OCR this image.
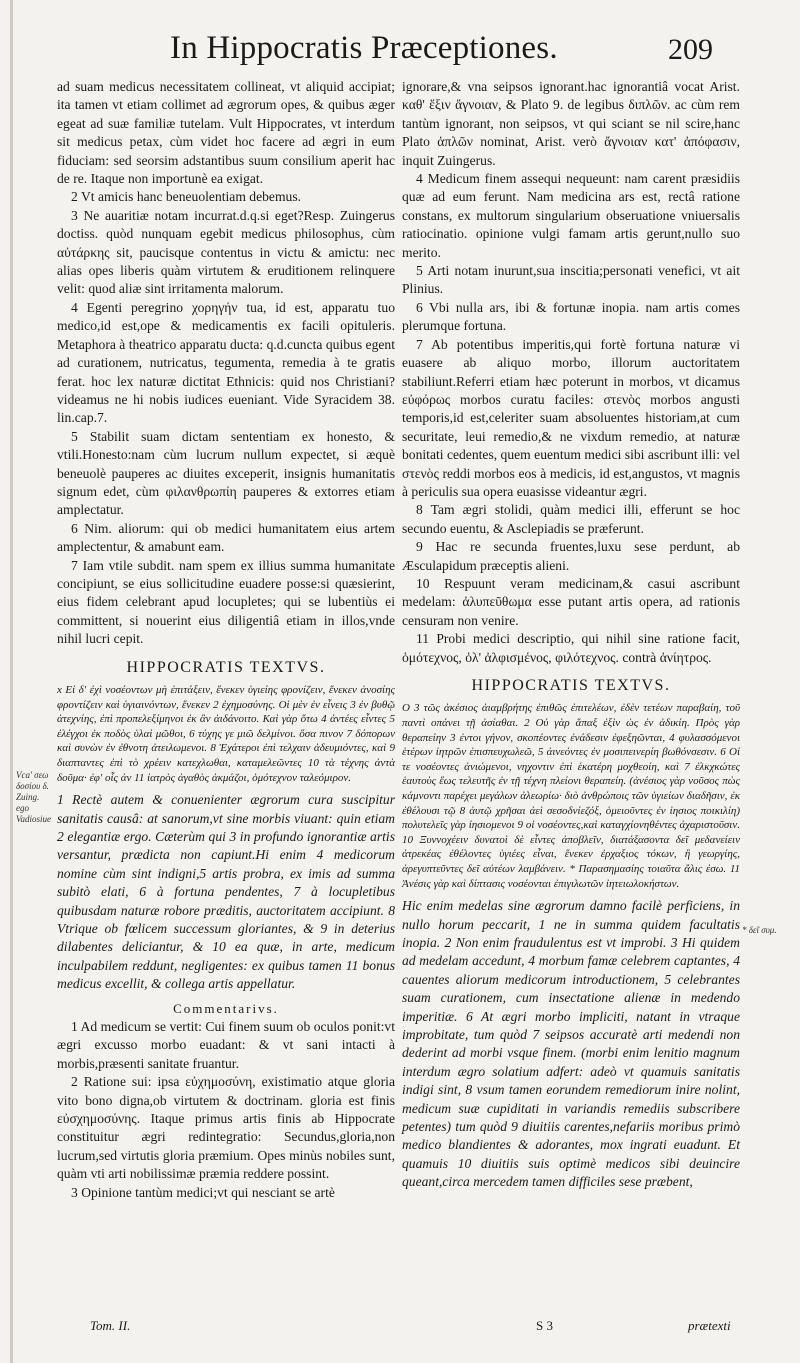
In Hippocratis Præceptiones.	209

ad suam medicus necessitatem collineat, vt aliquid accipiat; ita tamen vt etiam collimet ad ægrorum opes, & quibus æger egeat ad suæ familiæ tutelam. Vult Hippocrates, vt interdum sit medicus petax, cùm videt hoc facere ad ægri in eum fiduciam: sed seorsim adstantibus suum consilium aperit hac de re. Itaque non importunè ea exigat.

2 Vt amicis hanc beneuolentiam debemus.

3 Ne auaritiæ notam incurrat.d.q.si eget?Resp. Zuingerus doctiss. quòd nunquam egebit medicus philosophus, cùm αὐτάρκης sit, paucisque contentus in victu & amictu: nec alias opes liberis quàm virtutem & eruditionem relinquere velit: quod aliæ sint irritamenta malorum.

4 Egenti peregrino χορηγήν tua, id est, apparatu tuo medico,id est,ope & medicamentis ex facili opituleris. Metaphora à theatrico apparatu ducta: q.d.cuncta quibus egent ad curationem, nutricatus, tegumenta, remedia à te gratis ferat. hoc lex naturæ dictitat Ethnicis: quid nos Christiani? videamus ne hi nobis iudices eueniant. Vide Syracidem 38. lin.cap.7.

5 Stabilit suam dictam sententiam ex honesto, & vtili.Honesto:nam cùm lucrum nullum expectet, si æquè beneuolè pauperes ac diuites exceperit, insignis humanitatis signum edet, cùm φιλανθρωπίη pauperes & extorres etiam amplectatur.

6 Nim. aliorum: qui ob medici humanitatem eius artem amplectentur, & amabunt eam.

7 Iam vtile subdit. nam spem ex illius summa humanitate concipiunt, se eius sollicitudine euadere posse:si quæsierint, eius fidem celebrant apud locupletes; qui se lubentiùs ei committent, si nouerint eius diligentiâ etiam in illos,vnde nihil lucri cepit.

HIPPOCRATIS TEXTVS.

x Εἰ δ' ἐχὶ νοσέοντων μὴ ἐπιτάξειν, ἕνεκεν ὑγιείης φρονίζειν, ἕνεκεν ἀνοσίης φροντίζειν καὶ ὑγιαινόντων, ἕνεκεν 2 ἐχημοσύνης. Οἱ μὲν ἐν εἶνεις 3 ἐν βυθῷ ἀτεχνίης, ἐπὶ προπελεξίμηνοι ἐκ ἂν ἀιδάνοιτο. Καὶ γὰρ ὅτω 4 ἀντέες εἶντες 5 ἐλέγχοι ἐκ ποδὸς ὑλαὶ μῶθοι, 6 τύχης γε μιῶ δελμίνοι. ὅσα πινον 7 δόπορων καὶ συνὼν ἐν ἐθνοτη ἀτειλωμενοι. 8 Ἐχάτεροι ἐπὶ τελχαιν ἀδευμιόντες, καὶ 9 διαπταντες ἐπὶ τὸ χρέειν κατεχλωθαι, καταμελεῶντες 10 τὰ τέχνης ἀντὰ δοῦμα· ἐφ' οἷς ἀν 11 ἰατρὸς ἀγαθὸς ἀκμάζοι, ὁμότεχνον ταλεόμιρον.

1 Rectè autem & conuenienter ægrorum cura suscipitur sanitatis causâ: at sanorum,vt sine morbis viuant: quin etiam 2 elegantiæ ergo. Cæterùm qui 3 in profundo ignorantiæ artis versantur, prædicta non capiunt.Hi enim 4 medicorum nomine cùm sint indigni,5 artis probra, ex imis ad summa subitò elati, 6 à fortuna pendentes, 7 à locupletibus quibusdam naturæ robore præditis, auctoritatem accipiunt. 8 Vtrique ob fœlicem successum gloriantes, & 9 in deterius dilabentes deliciantur, & 10 ea quæ, in arte, medicum inculpabilem reddunt, negligentes: ex quibus tamen 11 bonus medicus excellit, & collega artis appellatur.

Commentarivs.

1 Ad medicum se vertit: Cui finem suum ob oculos ponit:vt ægri excusso morbo euadant: & vt sani intacti à morbis,præsenti sanitate fruantur.

2 Ratione sui: ipsa εὐχημοσύνη, existimatio atque gloria vito bono digna,ob virtutem & doctrinam. gloria est finis εὐσχημοσύνης. Itaque primus artis finis ab Hippocrate constituitur ægri redintegratio: Secundus,gloria,non lucrum,sed virtutis gloria præmium. Opes minùs nobiles sunt, quàm vti arti nobilissimæ præmia reddere possint.

3 Opinione tantùm medici;vt qui nesciant se artè

Vca' σεω δοσίου δ. Zuing. ego Vadiosiue

ignorare,& vna seipsos ignorant.hac ignorantiâ vocat Arist. καθ' ἕξιν ἄγνοιαν, & Plato 9. de legibus διπλῶν. ac cùm rem tantùm ignorant, non seipsos, vt qui sciant se nil scire,hanc Plato ἁπλῶν nominat, Arist. verò ἄγνοιαν κατ' ἀπόφασιν, inquit Zuingerus.

4 Medicum finem assequi nequeunt: nam carent præsidiis quæ ad eum ferunt. Nam medicina ars est, rectâ ratione constans, ex multorum singularium obseruatione vniuersalis ratiocinatio. opinione vulgi famam artis gerunt,nullo suo merito.

5 Arti notam inurunt,sua inscitia;personati venefici, vt ait Plinius.

6 Vbi nulla ars, ibi & fortunæ inopia. nam artis comes plerumque fortuna.

7 Ab potentibus imperitis,qui fortè fortuna naturæ vi euasere ab aliquo morbo, illorum auctoritatem stabiliunt.Referri etiam hæc poterunt in morbos, vt dicamus εὐφόρως morbos curatu faciles: στενὸς morbos angusti temporis,id est,celeriter suam absoluentes historiam,at cum securitate, leui remedio,& ne vixdum remedio, at naturæ bonitati cedentes, quem euentum medici sibi ascribunt illi: vel στενὸς reddi morbos eos à medicis, id est,angustos, vt magnis à periculis sua opera euasisse videantur ægri.

8 Tam ægri stolidi, quàm medici illi, efferunt se hoc secundo euentu, & Asclepiadis se præferunt.

9 Hac re secunda fruentes,luxu sese perdunt, ab Æsculapidum præceptis alieni.

10 Respuunt veram medicinam,& casui ascribunt medelam: ἀλυπεῦθωμα esse putant artis opera, ad rationis censuram non venire.

11 Probi medici descriptio, qui nihil sine ratione facit, ὁμότεχνος, ὁλ' ἀλφισμένος, φιλότεχνος. contrà ἀνίητρος.

HIPPOCRATIS TEXTVS.

Ο 3 τῶς ἀκέσιος ἀιαμβρήτης ἐπιθῶς ἐπιτελέων, ἐδὲν τετέων παραβαίη, τοῦ παντὶ οπάνει τῇ ἀσίαθαι. 2 Οὐ γὰρ ἅπαξ ἐξὶν ὡς ἐν ἀδικίη. Πρὸς γὰρ θεραπείην 3 ἐντοι γήνον, σκοπέοντες ἐνάδεσιν ἐφεξηῶνται, 4 φυλασσόμενοι ἑτέρων ἰητρῶν ἐπισπευχωλεῶ, 5 ἀινεόντες ἐν μοσιπεινερίη βωθόνσεσιν. 6 Οἱ τε νοσέοντες ἀνιώμενοι, νηχοντιν ἐπὶ ἑκατέρη μοχθεοίη, καὶ 7 ἐλκχκώτες ἑαυτοὺς ἕως τελευτῆς ἐν τῇ τέχνη πλείονι θεραπείη. (ἀνέσιος γὰρ νοῦσος πὼς κάμνοντι παρέχει μεγάλων ἀλεωρίω· διὸ ἀνθρώποις τῶν ὑγιείων διαδῆσιν, ἐκ ἐθέλουσι τῷ 8 ἀυτῷ χρῆσαι ἀεὶ σεσοδνίεζόξ, ὁμειοῦντες ἐν ἰησιος ποικιλίη) πολυτελεῖς γὰρ ἰησιομενοι 9 οἱ νοσέοντες,καὶ καταγχίονηθέντες ἀχαριστοῦσιν. 10 Ξυννοχέειν δυνατοὶ δὲ εἶντες ἀποβλεῖν, διατάξασοντα δεῖ μεδανείειν ἀτρεκέας ἐθέλοντες ὑγιέες εἶναι, ἕνεκεν ἐρχαξιος τόκων, ἢ γεωργίης, ἀρεγυπτεῦντες δεῖ αὐτέων λαμβάνειν. * Παρασημασίης τοιαῦτα ἄλις ἐσω. 11 Ἀνέσις γὰρ καὶ δίπτασις νοσέονται ἐπιγιλωτῶν ἰητειωλοκήστων.

Hic enim medelas sine ægrorum damno facilè perficiens, in nullo horum peccarit, 1 ne in summa quidem facultatis inopia. 2 Non enim fraudulentus est vt improbi. 3 Hi quidem ad medelam accedunt, 4 morbum famæ celebrem captantes, 4 cauentes aliorum medicorum introductionem, 5 celebrantes suam curationem, cum insectatione alienæ in medendo imperitiæ. 6 At ægri morbo impliciti, natant in vtraque improbitate, tum quòd 7 seipsos accuratè arti medendi non dederint ad morbi vsque finem. (morbi enim lenitio magnum interdum ægro solatium adfert: adeò vt quamuis sanitatis indigi sint, 8 vsum tamen eorundem remediorum inire nolint, medicum suæ cupiditati in variandis remediis subscribere petentes) tum quòd 9 diuitiis carentes,nefariis moribus primò medico blandientes & adorantes, mox ingrati euadunt. Et quamuis 10 diuitiis suis optimè medicos sibi deuincire queant,circa mercedem tamen difficiles sese præbent,

* δεῖ συμ.
Tom. II.	S 3	prætexti
